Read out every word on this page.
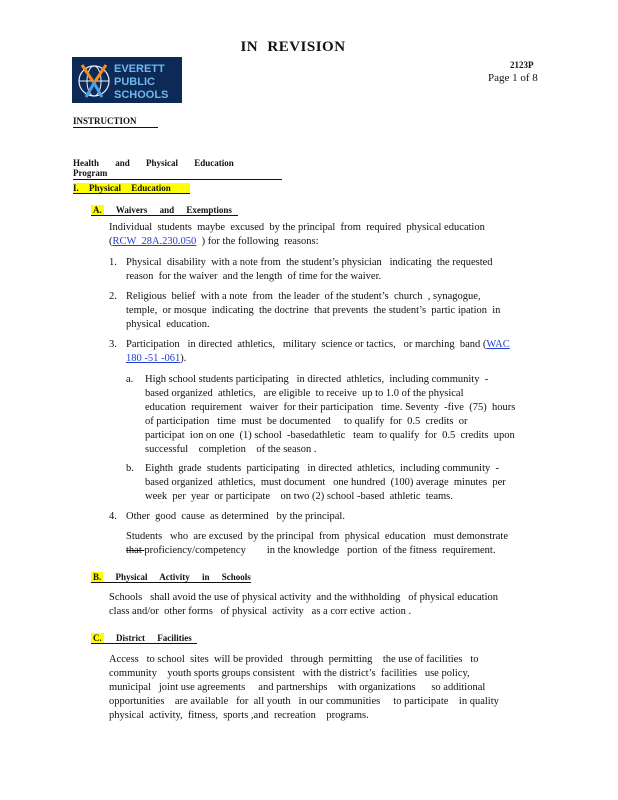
IN REVISION
EVERETT
PUBLIC
SCHOOLS
2123P
Page 1 of 8
INSTRUCTION
Health and Physical Education Program
I. Physical Education
A. Waivers and Exemptions
Individual  students  maybe  excused  by the principal  from  required  physical education
(RCW  28A.230.050  ) for the following  reasons:
1. Physical  disability  with a note from  the student’s physician   indicating  the requested
reason  for the waiver  and the length  of time for the waiver.
2. Religious  belief  with a note  from  the leader  of the student’s  church  , synagogue,
temple,  or mosque  indicating  the doctrine  that prevents  the student’s  partic ipation  in
physical  education.
3. Participation   in directed  athletics,   military  science or tactics,   or marching  band (WAC
180 -51 -061).
a. High school students participating   in directed  athletics,  including community  -
based organized  athletics,   are eligible  to receive  up to 1.0 of the physical
education  requirement   waiver  for their participation   time. Seventy  -five  (75)  hours
of participation   time  must  be documented     to qualify  for  0.5  credits  or
participat  ion on one  (1) school  -basedathletic   team  to qualify  for  0.5  credits  upon
successful    completion    of the season .
b. Eighth  grade  students  participating   in directed  athletics,  including community  -
based organized  athletics,  must document   one hundred  (100) average  minutes  per
week  per  year  or participate    on two (2) school -based  athletic  teams.
4. Other  good  cause  as determined   by the principal.
Students   who  are excused  by the principal  from  physical  education   must demonstrate
that proficiency/competency        in the knowledge   portion  of the fitness  requirement.
B. Physical Activity in Schools
Schools   shall avoid the use of physical activity  and the withholding   of physical education
class and/or  other forms   of physical  activity   as a corr ective  action .
C. District Facilities
Access   to school  sites  will be provided   through  permitting    the use of facilities   to
community    youth sports groups consistent   with the district’s  facilities   use policy,
municipal   joint use agreements     and partnerships    with organizations      so additional
opportunities    are available   for  all youth   in our communities     to participate    in quality
physical  activity,  fitness,  sports ,and  recreation    programs.
